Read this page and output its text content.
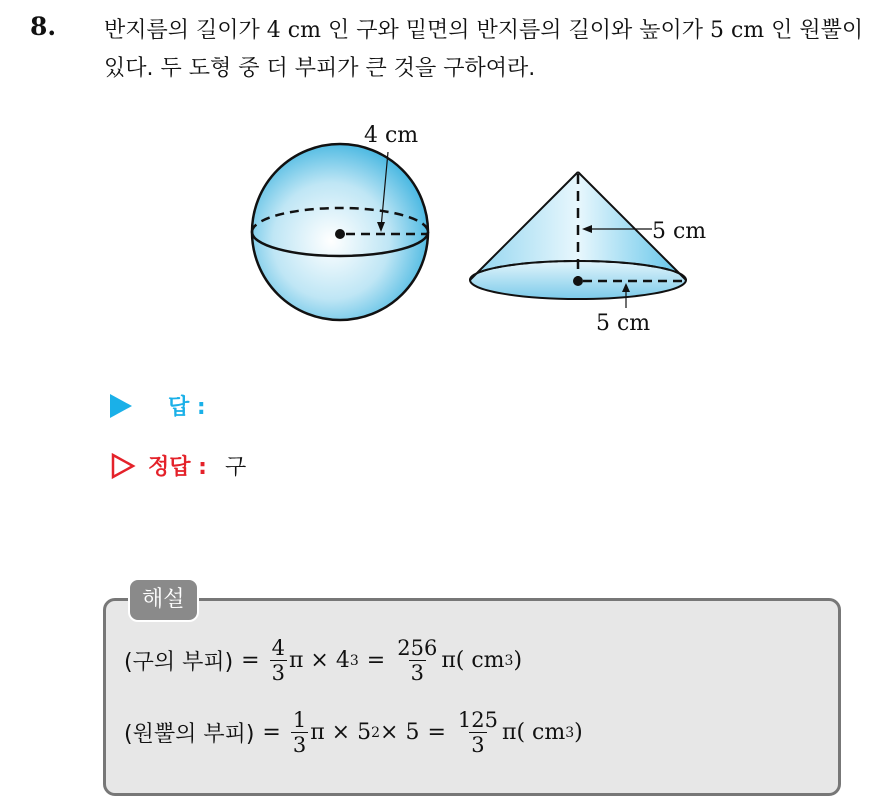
8. 반지름의 길이가 4 cm 인 구와 밑면의 반지름의 길이와 높이가 5 cm 인 원뿔이 있다. 두 도형 중 더 부피가 큰 것을 구하여라.
4 cm
5 cm
5 cm
답 :
정답 : 구
해설
(구의 부피) = $\frac{4}{3}$ π × 4 $3 = \frac{256}{3} \pi$( cm 3 )
(원뿔의 부피) = $\frac{1}{3}$ π × 5 $2 \times 5 = \frac{125}{3} \pi$( cm 3 )
